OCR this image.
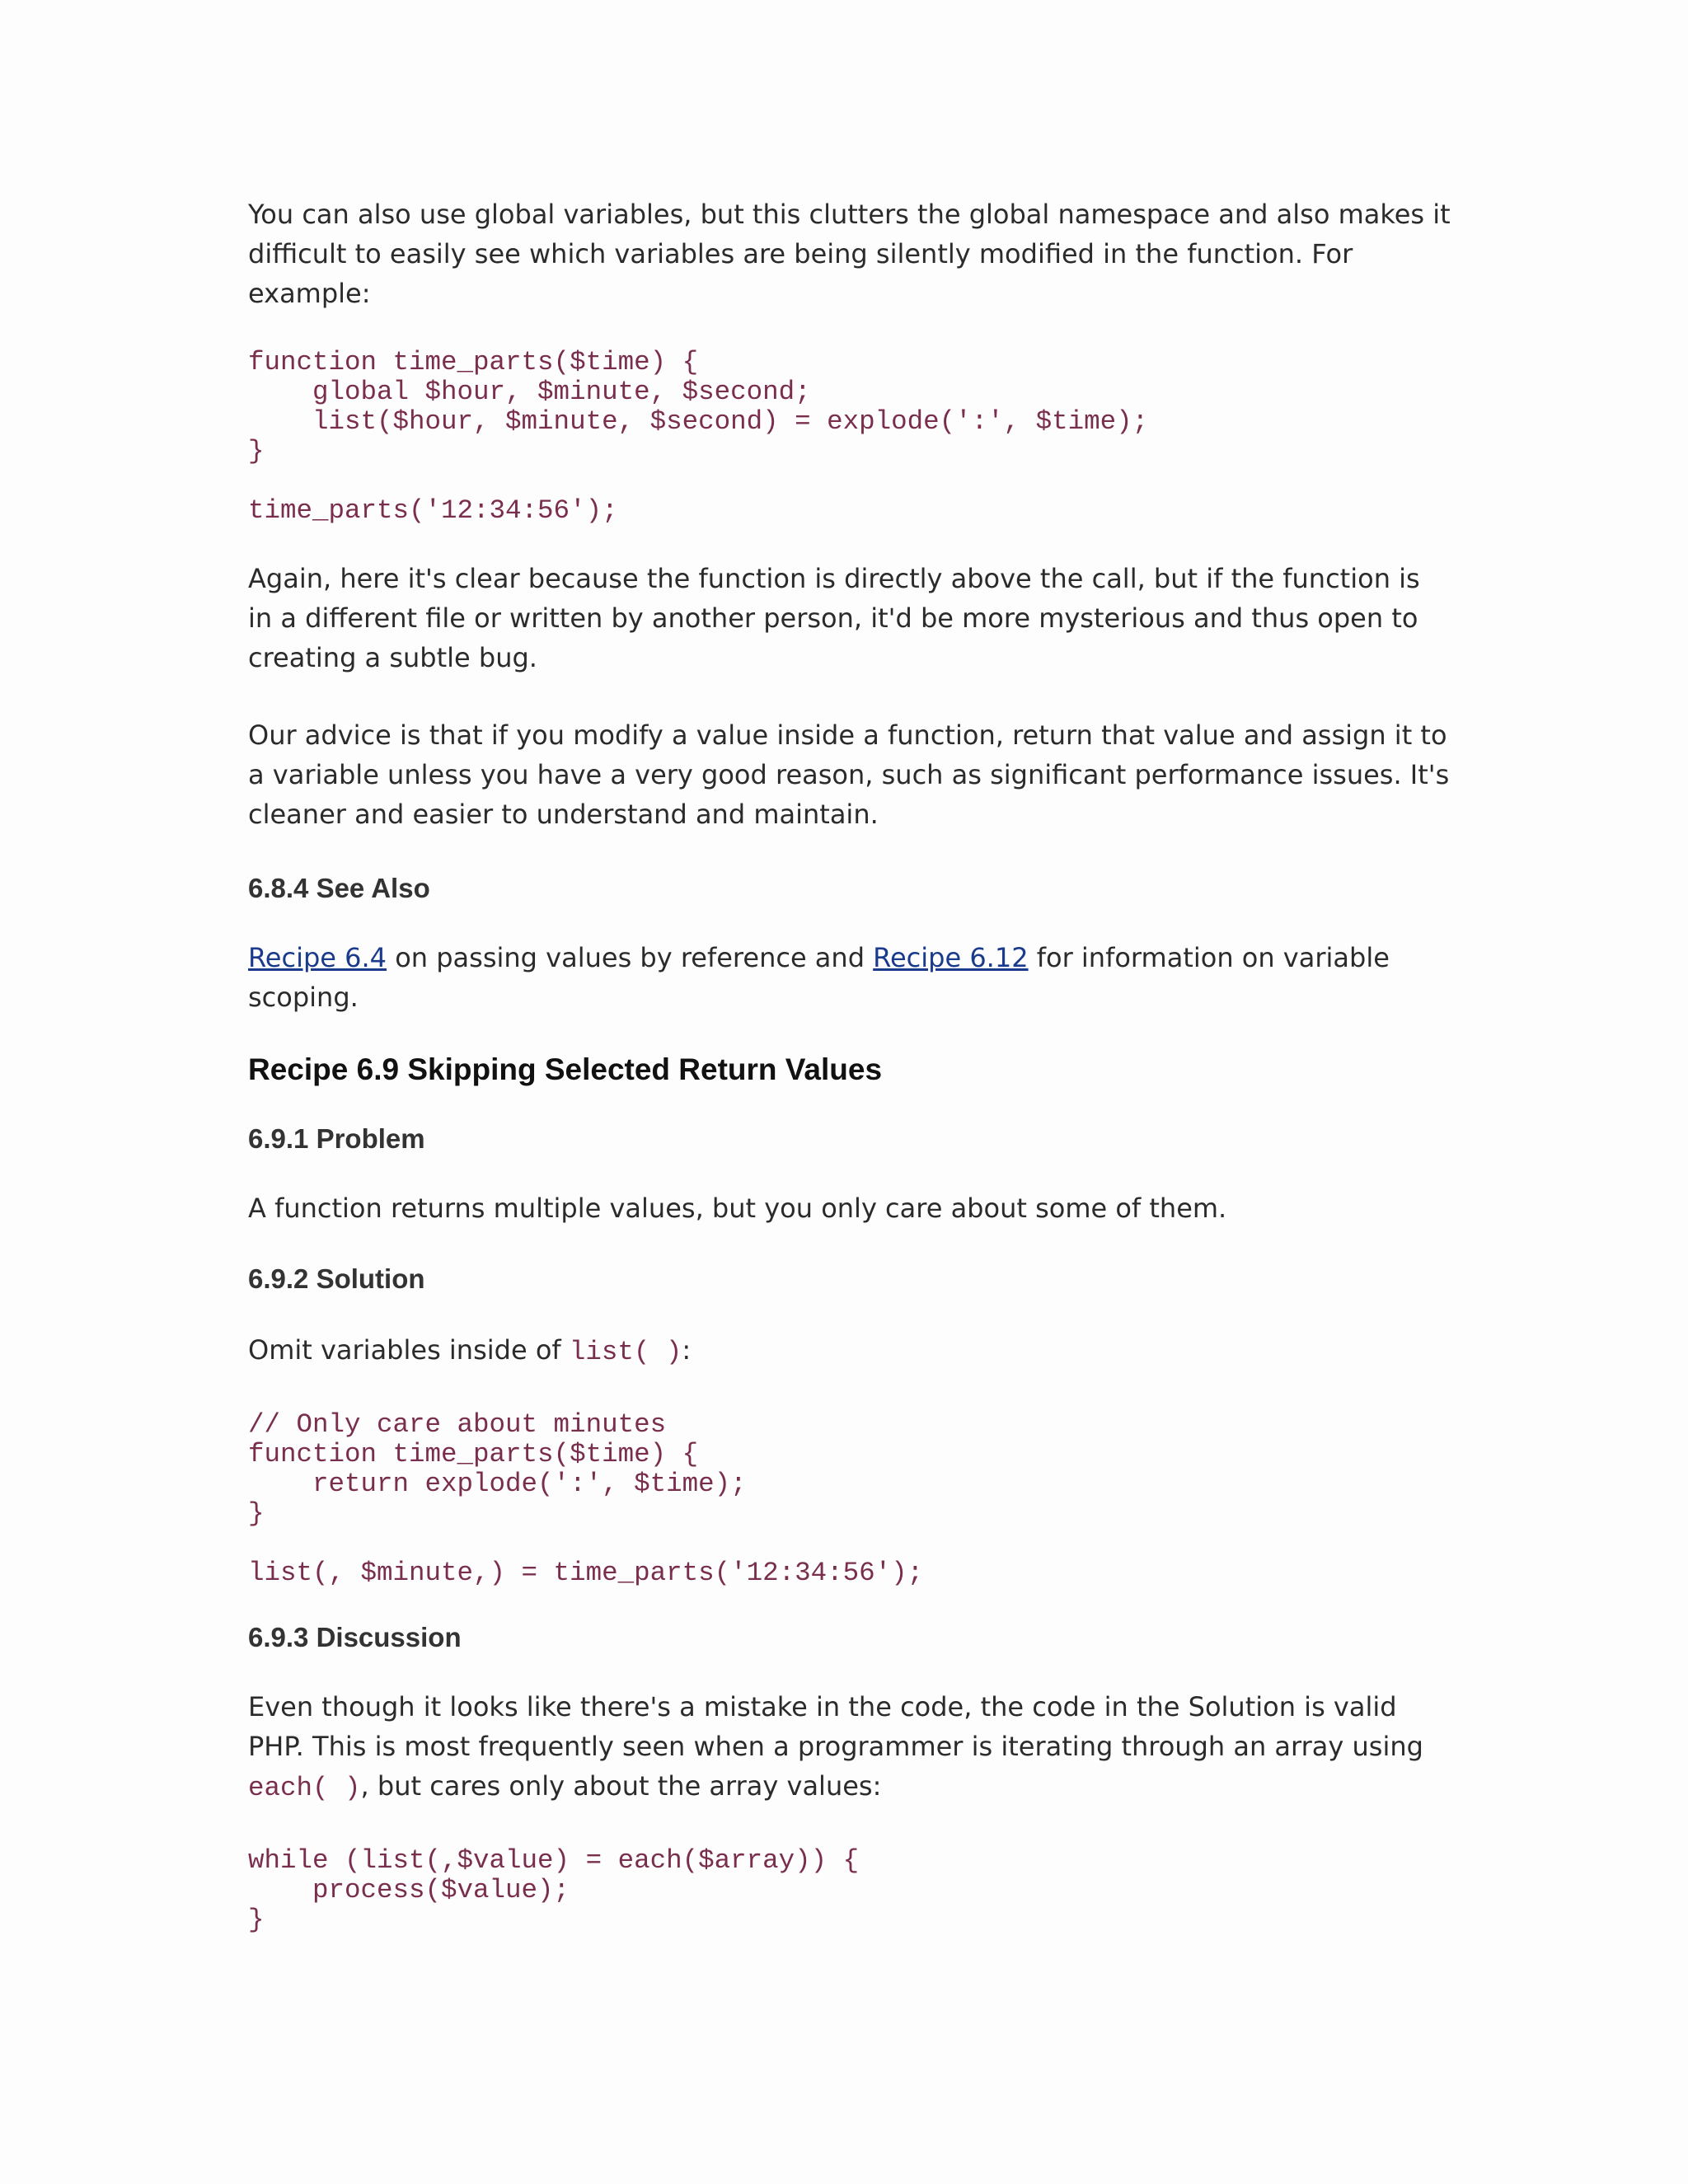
You can also use global variables, but this clutters the global namespace and also makes it difficult to easily see which variables are being silently modified in the function. For example:

function time_parts($time) {
global $hour, $minute, $second;
list($hour, $minute, $second) = explode(':', $time);
}
time_parts('12:34:56');

Again, here it's clear because the function is directly above the call, but if the function is in a different file or written by another person, it'd be more mysterious and thus open to creating a subtle bug.

Our advice is that if you modify a value inside a function, return that value and assign it to a variable unless you have a very good reason, such as significant performance issues. It's cleaner and easier to understand and maintain.

6.8.4 See Also

Recipe 6.4 on passing values by reference and Recipe 6.12 for information on variable scoping.

Recipe 6.9 Skipping Selected Return Values
6.9.1 Problem

A function returns multiple values, but you only care about some of them.

6.9.2 Solution

Omit variables inside of list( ):

// Only care about minutes
function time_parts($time) {
return explode(':', $time);
}
list(, $minute,) = time_parts('12:34:56');
6.9.3 Discussion

Even though it looks like there's a mistake in the code, the code in the Solution is valid PHP. This is most frequently seen when a programmer is iterating through an array using each( ), but cares only about the array values:

while (list(,$value) = each($array)) {
process($value);
}
